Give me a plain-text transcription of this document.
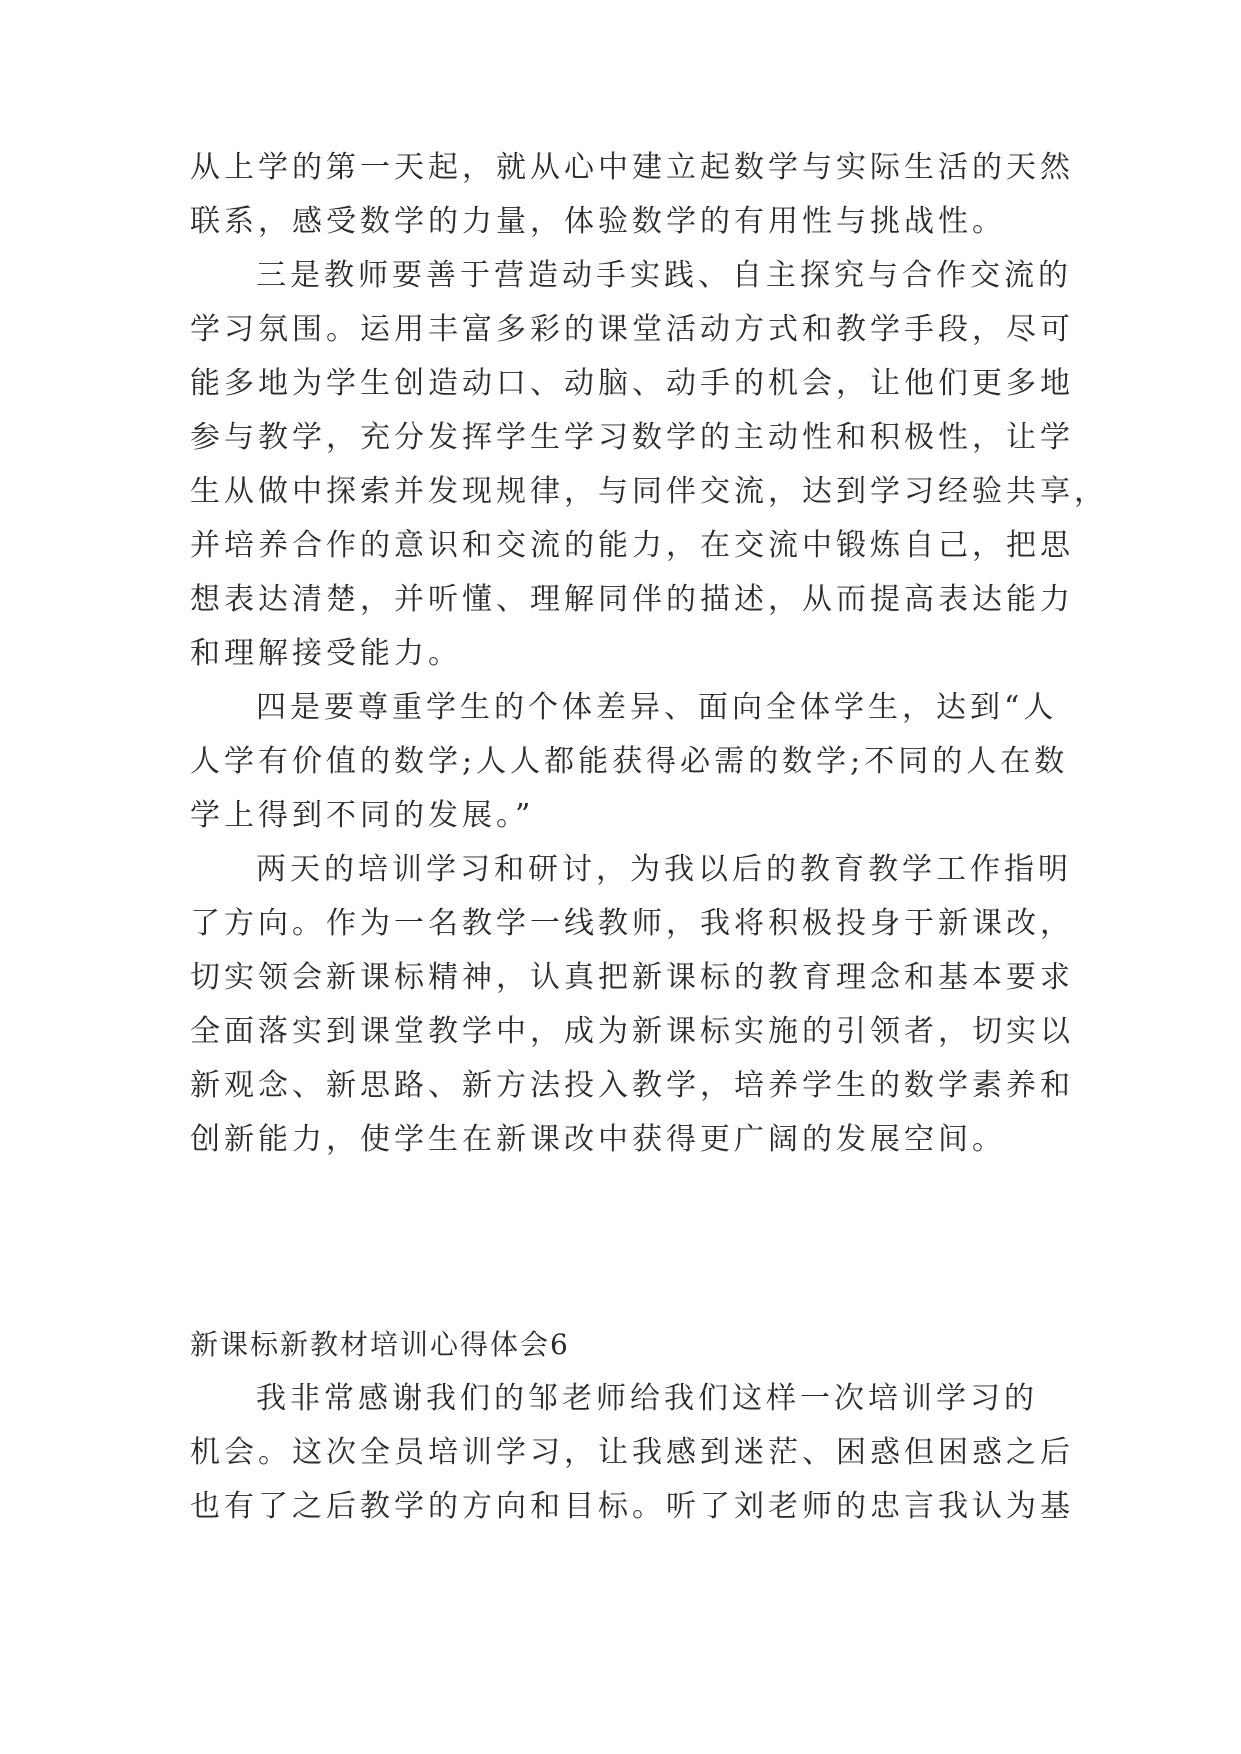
从上学的第一天起，就从心中建立起数学与实际生活的天然
联系，感受数学的力量，体验数学的有用性与挑战性。
三是教师要善于营造动手实践、自主探究与合作交流的
学习氛围。运用丰富多彩的课堂活动方式和教学手段，尽可
能多地为学生创造动口、动脑、动手的机会，让他们更多地
参与教学，充分发挥学生学习数学的主动性和积极性，让学
生从做中探索并发现规律，与同伴交流，达到学习经验共享，
并培养合作的意识和交流的能力，在交流中锻炼自己，把思
想表达清楚，并听懂、理解同伴的描述，从而提高表达能力
和理解接受能力。
四是要尊重学生的个体差异、面向全体学生，达到“人
人学有价值的数学;人人都能获得必需的数学;不同的人在数
学上得到不同的发展。”
两天的培训学习和研讨，为我以后的教育教学工作指明
了方向。作为一名教学一线教师，我将积极投身于新课改，
切实领会新课标精神，认真把新课标的教育理念和基本要求
全面落实到课堂教学中，成为新课标实施的引领者，切实以
新观念、新思路、新方法投入教学，培养学生的数学素养和
创新能力，使学生在新课改中获得更广阔的发展空间。
新课标新教材培训心得体会6
我非常感谢我们的邹老师给我们这样一次培训学习的
机会。这次全员培训学习，让我感到迷茫、困惑但困惑之后
也有了之后教学的方向和目标。听了刘老师的忠言我认为基
